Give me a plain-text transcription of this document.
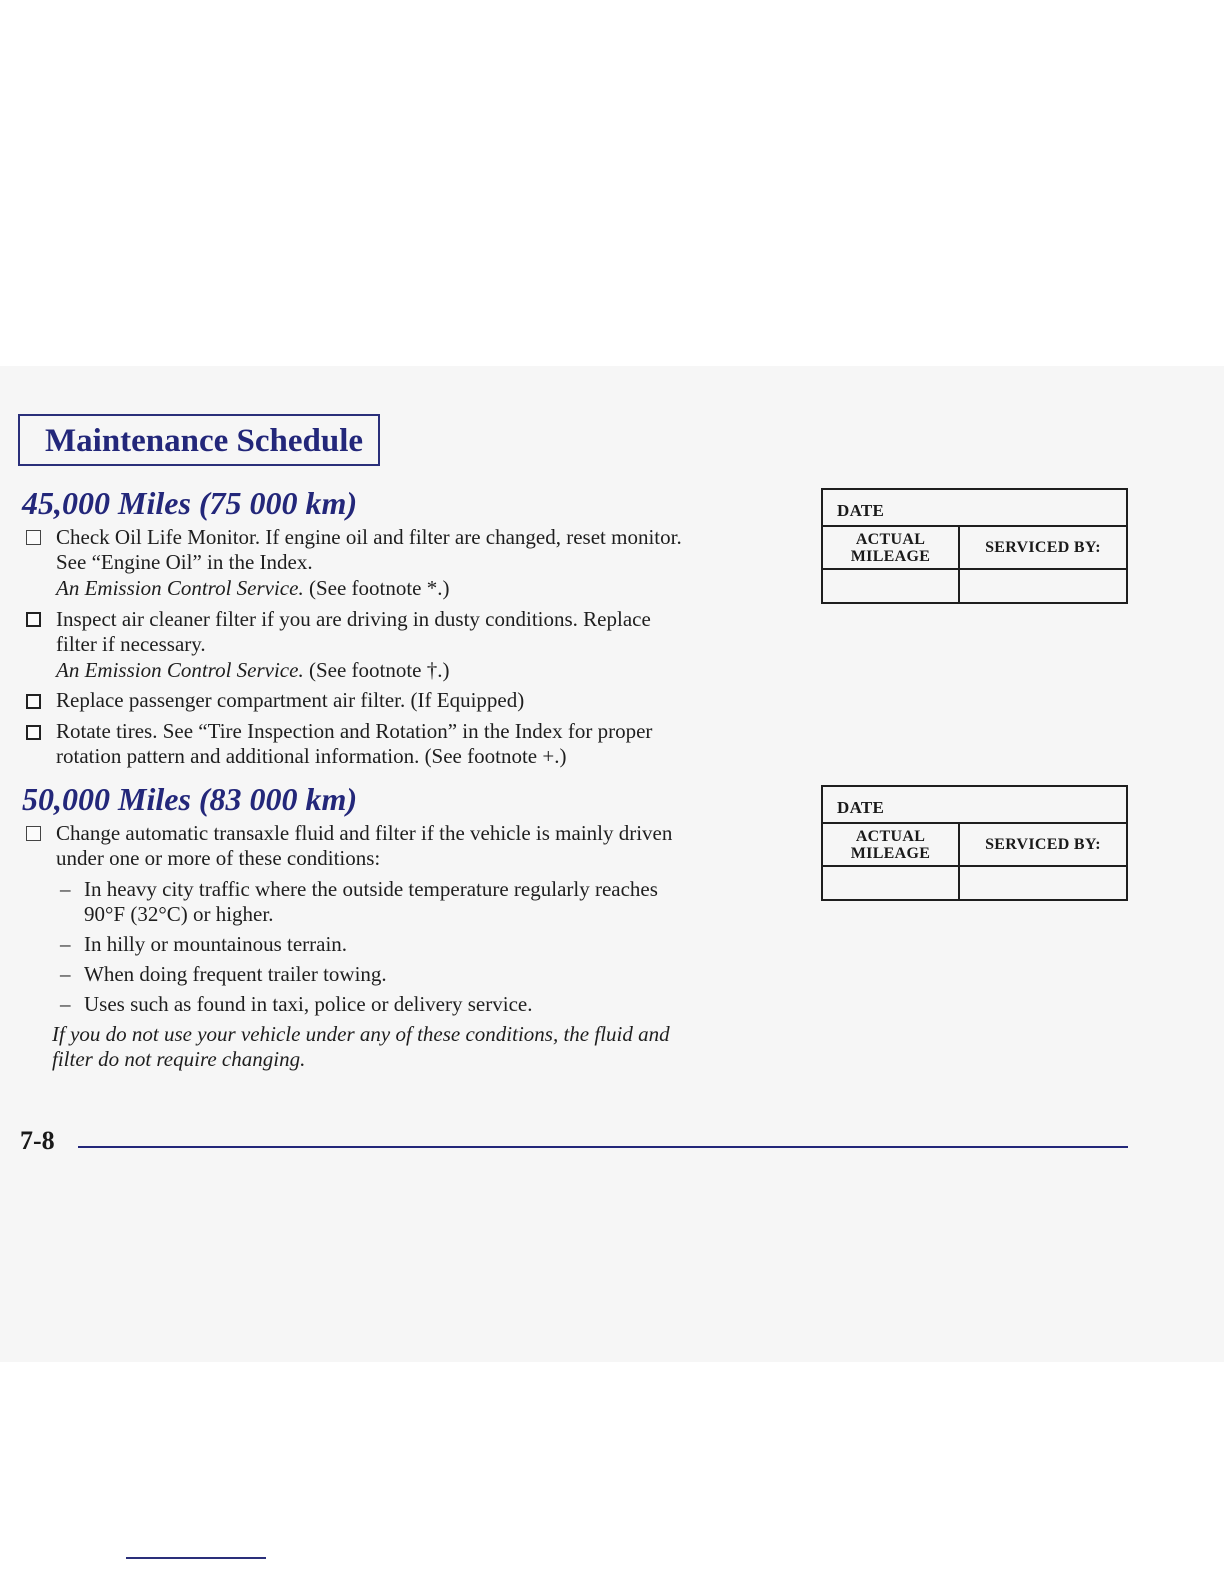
Maintenance Schedule
45,000 Miles (75 000 km)
Check Oil Life Monitor. If engine oil and filter are changed, reset monitor.
See “Engine Oil” in the Index.
An Emission Control Service. (See footnote *.)
Inspect air cleaner filter if you are driving in dusty conditions. Replace
filter if necessary.
An Emission Control Service. (See footnote †.)
Replace passenger compartment air filter. (If Equipped)
Rotate tires. See “Tire Inspection and Rotation” in the Index for proper
rotation pattern and additional information. (See footnote +.)
DATE
ACTUAL
MILEAGE
SERVICED BY:
50,000 Miles (83 000 km)
Change automatic transaxle fluid and filter if the vehicle is mainly driven
under one or more of these conditions:
– In heavy city traffic where the outside temperature regularly reaches
90°F (32°C) or higher.
– In hilly or mountainous terrain.
– When doing frequent trailer towing.
– Uses such as found in taxi, police or delivery service.
If you do not use your vehicle under any of these conditions, the fluid and
filter do not require changing.
DATE
ACTUAL
MILEAGE
SERVICED BY:
7-8
